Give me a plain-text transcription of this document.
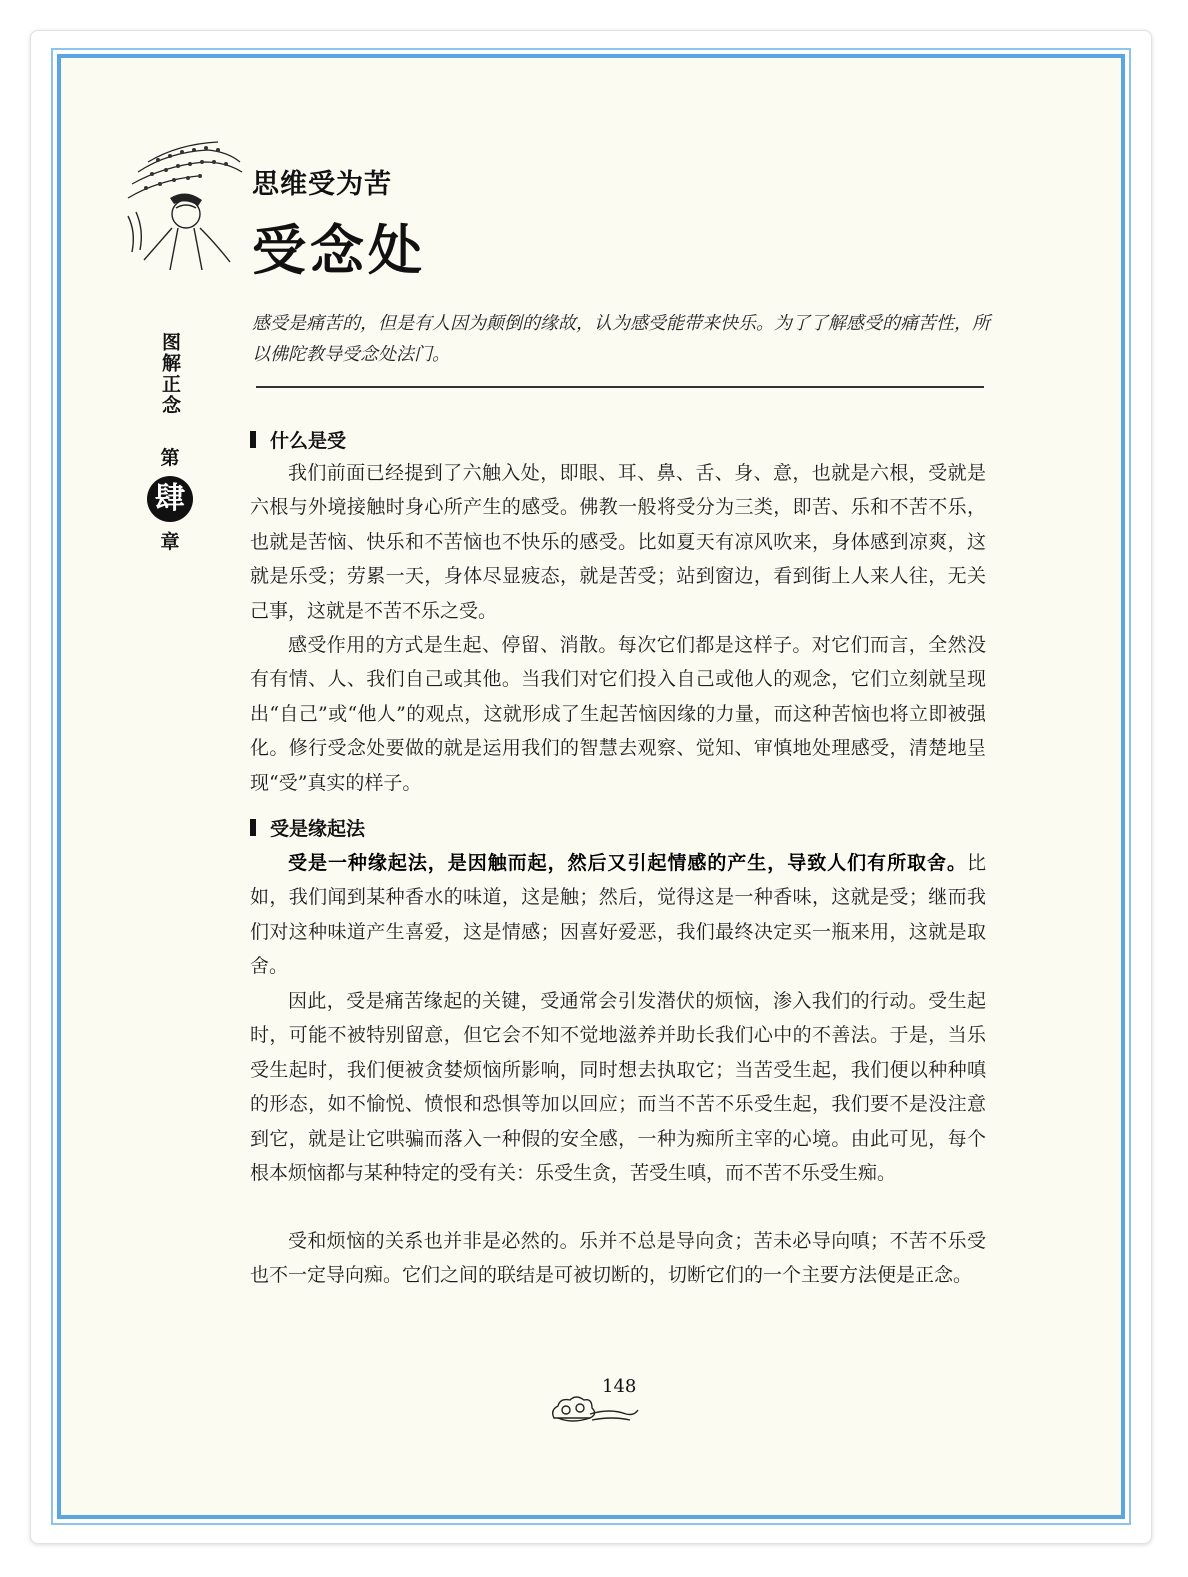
思维受为苦
受念处
图解正念
第
肆
章
感受是痛苦的，但是有人因为颠倒的缘故，认为感受能带来快乐。为了了解感受的痛苦性，所以佛陀教导受念处法门。
什么是受
我们前面已经提到了六触入处，即眼、耳、鼻、舌、身、意，也就是六根，受就是六根与外境接触时身心所产生的感受。佛教一般将受分为三类，即苦、乐和不苦不乐，也就是苦恼、快乐和不苦恼也不快乐的感受。比如夏天有凉风吹来，身体感到凉爽，这就是乐受；劳累一天，身体尽显疲态，就是苦受；站到窗边，看到街上人来人往，无关己事，这就是不苦不乐之受。
感受作用的方式是生起、停留、消散。每次它们都是这样子。对它们而言，全然没有有情、人、我们自己或其他。当我们对它们投入自己或他人的观念，它们立刻就呈现出“自己”或“他人”的观点，这就形成了生起苦恼因缘的力量，而这种苦恼也将立即被强化。修行受念处要做的就是运用我们的智慧去观察、觉知、审慎地处理感受，清楚地呈现“受”真实的样子。
受是缘起法
受是一种缘起法，是因触而起，然后又引起情感的产生，导致人们有所取舍。比如，我们闻到某种香水的味道，这是触；然后，觉得这是一种香味，这就是受；继而我们对这种味道产生喜爱，这是情感；因喜好爱恶，我们最终决定买一瓶来用，这就是取舍。
因此，受是痛苦缘起的关键，受通常会引发潜伏的烦恼，渗入我们的行动。受生起时，可能不被特别留意，但它会不知不觉地滋养并助长我们心中的不善法。于是，当乐受生起时，我们便被贪婪烦恼所影响，同时想去执取它；当苦受生起，我们便以种种嗔的形态，如不愉悦、愤恨和恐惧等加以回应；而当不苦不乐受生起，我们要不是没注意到它，就是让它哄骗而落入一种假的安全感，一种为痴所主宰的心境。由此可见，每个根本烦恼都与某种特定的受有关：乐受生贪，苦受生嗔，而不苦不乐受生痴。
受和烦恼的关系也并非是必然的。乐并不总是导向贪；苦未必导向嗔；不苦不乐受也不一定导向痴。它们之间的联结是可被切断的，切断它们的一个主要方法便是正念。
148
